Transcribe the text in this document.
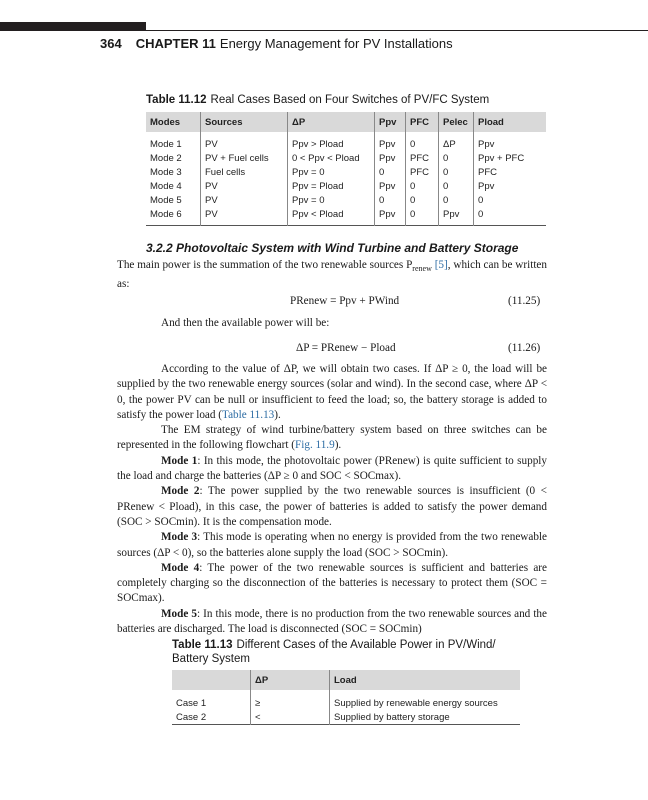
364 CHAPTER 11 Energy Management for PV Installations
Table 11.12 Real Cases Based on Four Switches of PV/FC System
Modes	Sources	ΔP	Ppv	PFC	Pelec	Pload
Mode 1	PV	Ppv > Pload	Ppv	0	ΔP	Ppv
Mode 2	PV + Fuel cells	0 < Ppv < Pload	Ppv	PFC	0	Ppv + PFC
Mode 3	Fuel cells	Ppv = 0	0	PFC	0	PFC
Mode 4	PV	Ppv = Pload	Ppv	0	0	Ppv
Mode 5	PV	Ppv = 0	0	0	0	0
Mode 6	PV	Ppv < Pload	Ppv	0	Ppv	0
3.2.2 Photovoltaic System with Wind Turbine and Battery Storage

The main power is the summation of the two renewable sources $P_{renew}$ [5], which can be written as:

PRenew = Ppv + PWind	(11.25)

And then the available power will be:

ΔP = PRenew − Pload	(11.26)

According to the value of ΔP, we will obtain two cases. If ΔP ≥ 0, the load will be supplied by the two renewable energy sources (solar and wind). In the second case, where ΔP < 0, the power PV can be null or insufficient to feed the load; so, the battery storage is added to satisfy the power load (Table 11.13).

The EM strategy of wind turbine/battery system based on three switches can be represented in the following flowchart (Fig. 11.9).

Mode 1: In this mode, the photovoltaic power (PRenew) is quite sufficient to supply the load and charge the batteries (ΔP ≥ 0 and SOC < SOCmax).

Mode 2: The power supplied by the two renewable sources is insufficient (0 < PRenew < Pload), in this case, the power of batteries is added to satisfy the power demand (SOC > SOCmin). It is the compensation mode.

Mode 3: This mode is operating when no energy is provided from the two renewable sources (ΔP < 0), so the batteries alone supply the load (SOC > SOCmin).

Mode 4: The power of the two renewable sources is sufficient and batteries are completely charging so the disconnection of the batteries is necessary to protect them (SOC = SOCmax).

Mode 5: In this mode, there is no production from the two renewable sources and the batteries are discharged. The load is disconnected (SOC = SOCmin)

Table 11.13 Different Cases of the Available Power in PV/Wind/ Battery System
	ΔP	Load
Case 1	≥	Supplied by renewable energy sources
Case 2	<	Supplied by battery storage
